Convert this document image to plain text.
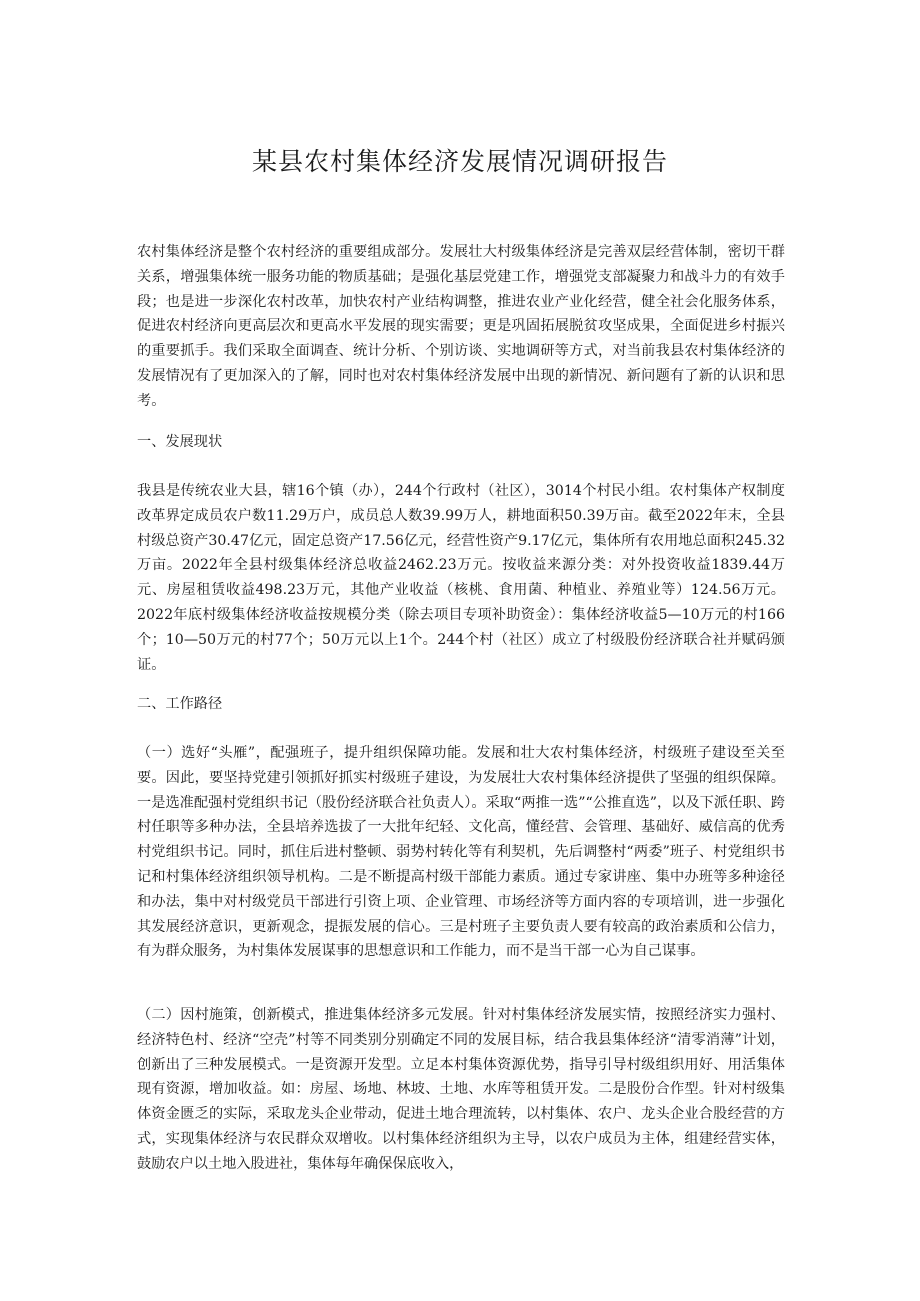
某县农村集体经济发展情况调研报告

农村集体经济是整个农村经济的重要组成部分。发展壮大村级集体经济是完善双层经营体制，密切干群关系，增强集体统一服务功能的物质基础；是强化基层党建工作，增强党支部凝聚力和战斗力的有效手段；也是进一步深化农村改革，加快农村产业结构调整，推进农业产业化经营，健全社会化服务体系，促进农村经济向更高层次和更高水平发展的现实需要；更是巩固拓展脱贫攻坚成果，全面促进乡村振兴的重要抓手。我们采取全面调查、统计分析、个别访谈、实地调研等方式，对当前我县农村集体经济的发展情况有了更加深入的了解，同时也对农村集体经济发展中出现的新情况、新问题有了新的认识和思考。

一、发展现状

我县是传统农业大县，辖16个镇（办），244个行政村（社区），3014个村民小组。农村集体产权制度改革界定成员农户数11.29万户，成员总人数39.99万人，耕地面积50.39万亩。截至2022年末，全县村级总资产30.47亿元，固定总资产17.56亿元，经营性资产9.17亿元，集体所有农用地总面积245.32万亩。2022年全县村级集体经济总收益2462.23万元。按收益来源分类：对外投资收益1839.44万元、房屋租赁收益498.23万元，其他产业收益（核桃、食用菌、种植业、养殖业等）124.56万元。2022年底村级集体经济收益按规模分类（除去项目专项补助资金）：集体经济收益5—10万元的村166个；10—50万元的村77个；50万元以上1个。244个村（社区）成立了村级股份经济联合社并赋码颁证。

二、工作路径

（一）选好“头雁”，配强班子，提升组织保障功能。发展和壮大农村集体经济，村级班子建设至关至要。因此，要坚持党建引领抓好抓实村级班子建设，为发展壮大农村集体经济提供了坚强的组织保障。一是选准配强村党组织书记（股份经济联合社负责人）。采取“两推一选”“公推直选”，以及下派任职、跨村任职等多种办法，全县培养选拔了一大批年纪轻、文化高，懂经营、会管理、基础好、威信高的优秀村党组织书记。同时，抓住后进村整顿、弱势村转化等有利契机，先后调整村“两委”班子、村党组织书记和村集体经济组织领导机构。二是不断提高村级干部能力素质。通过专家讲座、集中办班等多种途径和办法，集中对村级党员干部进行引资上项、企业管理、市场经济等方面内容的专项培训，进一步强化其发展经济意识，更新观念，提振发展的信心。三是村班子主要负责人要有较高的政治素质和公信力，有为群众服务，为村集体发展谋事的思想意识和工作能力，而不是当干部一心为自己谋事。

（二）因村施策，创新模式，推进集体经济多元发展。针对村集体经济发展实情，按照经济实力强村、经济特色村、经济“空壳”村等不同类别分别确定不同的发展目标，结合我县集体经济“清零消薄”计划，创新出了三种发展模式。一是资源开发型。立足本村集体资源优势，指导引导村级组织用好、用活集体现有资源，增加收益。如：房屋、场地、林坡、土地、水库等租赁开发。二是股份合作型。针对村级集体资金匮乏的实际，采取龙头企业带动，促进土地合理流转，以村集体、农户、龙头企业合股经营的方式，实现集体经济与农民群众双增收。以村集体经济组织为主导，以农户成员为主体，组建经营实体，鼓励农户以土地入股进社，集体每年确保保底收入，
